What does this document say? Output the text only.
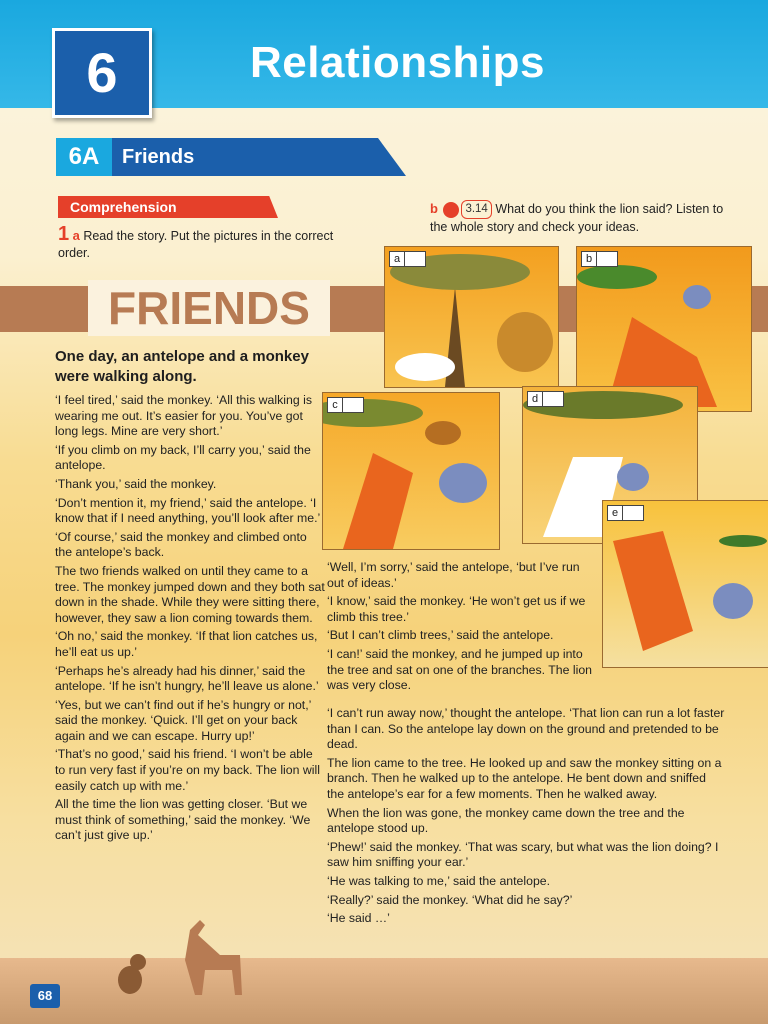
6	Relationships
6A	Friends
Comprehension
1 a Read the story. Put the pictures in the correct order.
b 3.14 What do you think the lion said? Listen to the whole story and check your ideas.
FRIENDS
One day, an antelope and a monkey were walking along.

‘I feel tired,’ said the monkey. ‘All this walking is wearing me out. It’s easier for you. You’ve got long legs. Mine are very short.’

‘If you climb on my back, I’ll carry you,’ said the antelope.

‘Thank you,’ said the monkey.

‘Don’t mention it, my friend,’ said the antelope. ‘I know that if I need anything, you’ll look after me.’

‘Of course,’ said the monkey and climbed onto the antelope’s back.

The two friends walked on until they came to a tree. The monkey jumped down and they both sat down in the shade. While they were sitting there, however, they saw a lion coming towards them.

‘Oh no,’ said the monkey. ‘If that lion catches us, he’ll eat us up.’

‘Perhaps he’s already had his dinner,’ said the antelope. ‘If he isn’t hungry, he’ll leave us alone.’

‘Yes, but we can’t find out if he’s hungry or not,’ said the monkey. ‘Quick. I’ll get on your back again and we can escape. Hurry up!’

‘That’s no good,’ said his friend. ‘I won’t be able to run very fast if you’re on my back. The lion will easily catch up with me.’

All the time the lion was getting closer. ‘But we must think of something,’ said the monkey. ‘We can’t just give up.’

‘Well, I’m sorry,’ said the antelope, ‘but I’ve run out of ideas.’

‘I know,’ said the monkey. ‘He won’t get us if we climb this tree.’

‘But I can’t climb trees,’ said the antelope.

‘I can!’ said the monkey, and he jumped up into the tree and sat on one of the branches. The lion was very close.

‘I can’t run away now,’ thought the antelope. ‘That lion can run a lot faster than I can. So the antelope lay down on the ground and pretended to be dead.

The lion came to the tree. He looked up and saw the monkey sitting on a branch. Then he walked up to the antelope. He bent down and sniffed the antelope’s ear for a few moments. Then he walked away.

When the lion was gone, the monkey came down the tree and the antelope stood up.

‘Phew!’ said the monkey. ‘That was scary, but what was the lion doing? I saw him sniffing your ear.’

‘He was talking to me,’ said the antelope.

‘Really?’ said the monkey. ‘What did he say?’

‘He said …’

a	b
c	d
e
68
